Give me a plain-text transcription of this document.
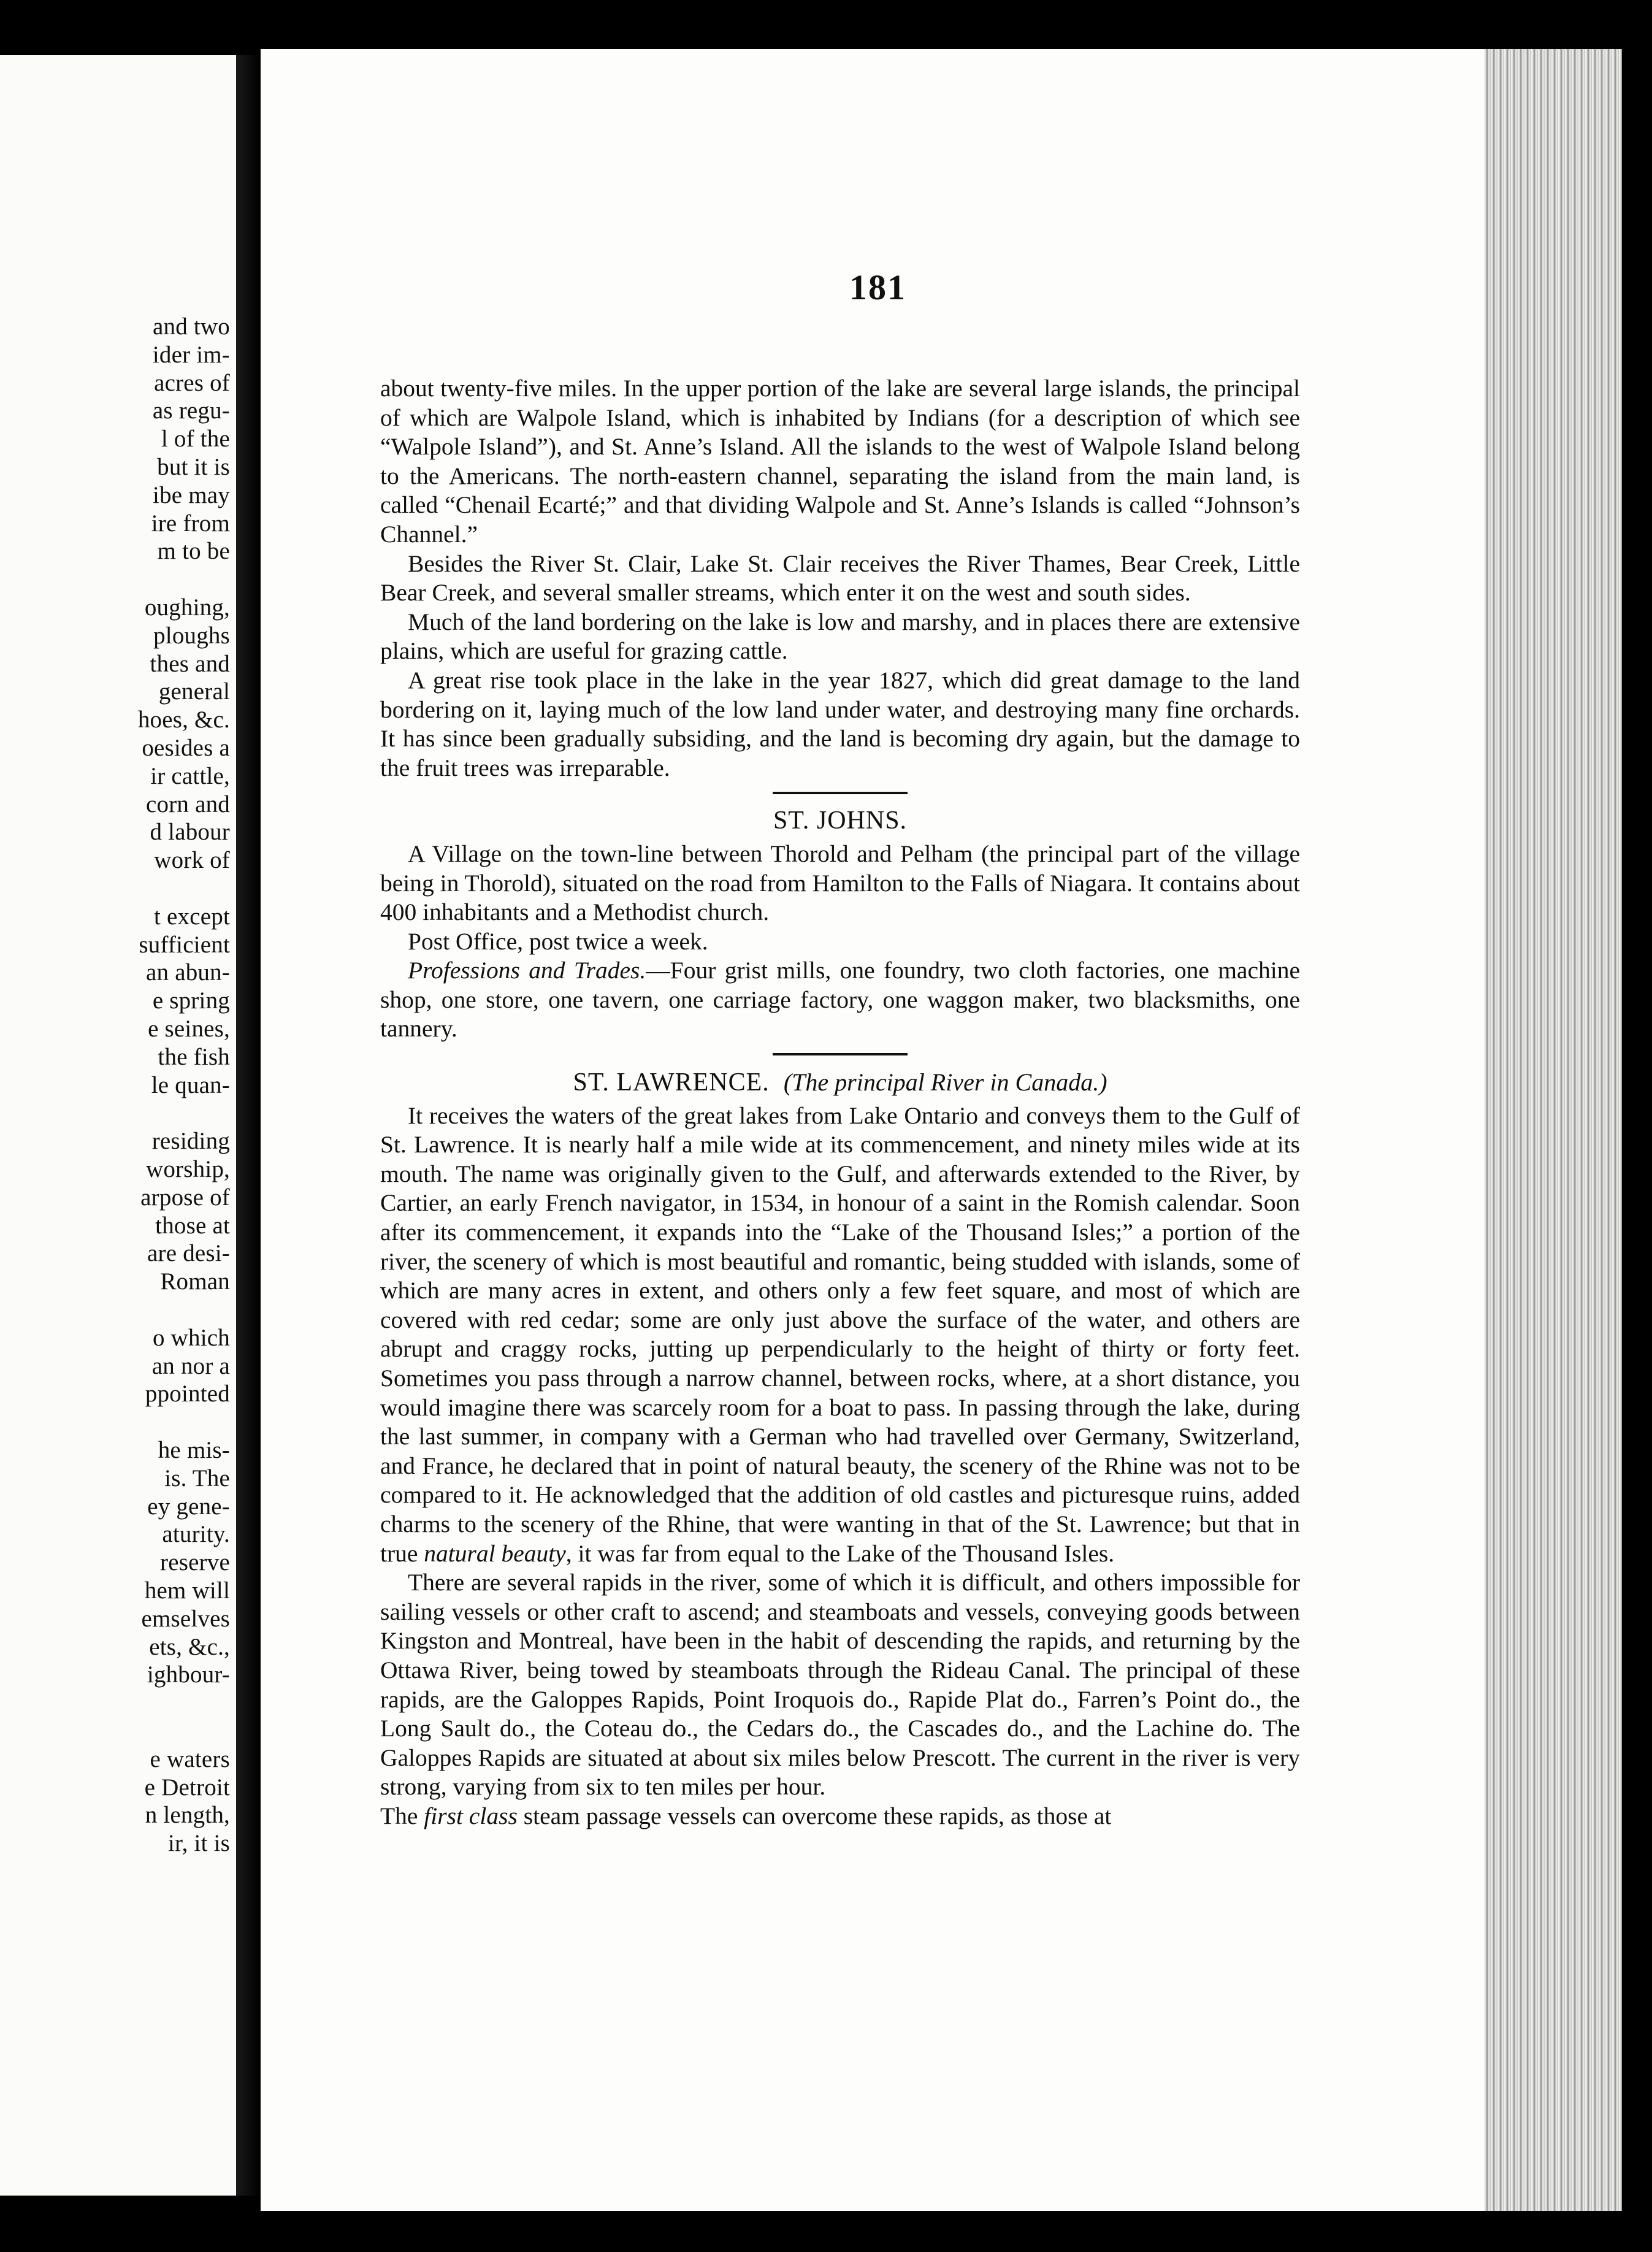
and two
ider im-
acres of
as regu-
l of the
but it is
ibe may
ire from
m to be
oughing,
ploughs
thes and
general
hoes, &c.
oesides a
ir cattle,
corn and
d labour
work of
t except
sufficient
an abun-
e spring
e seines,
the fish
le quan-
residing
worship,
arpose of
those at
are desi-
Roman
o which
an nor a
ppointed
he mis-
is. The
ey gene-
aturity.
reserve
hem will
emselves
ets, &c.,
ighbour-
e waters
e Detroit
n length,
ir, it is
181

about twenty-five miles. In the upper portion of the lake are several large islands, the principal of which are Walpole Island, which is inhabited by Indians (for a description of which see “Walpole Island”), and St. Anne’s Island. All the islands to the west of Walpole Island belong to the Americans. The north-eastern channel, separating the island from the main land, is called “Chenail Ecarté;” and that dividing Walpole and St. Anne’s Islands is called “Johnson’s Channel.”

Besides the River St. Clair, Lake St. Clair receives the River Thames, Bear Creek, Little Bear Creek, and several smaller streams, which enter it on the west and south sides.

Much of the land bordering on the lake is low and marshy, and in places there are extensive plains, which are useful for grazing cattle.

A great rise took place in the lake in the year 1827, which did great damage to the land bordering on it, laying much of the low land under water, and destroying many fine orchards. It has since been gradually subsiding, and the land is becoming dry again, but the damage to the fruit trees was irreparable.

ST. JOHNS.

A Village on the town-line between Thorold and Pelham (the principal part of the village being in Thorold), situated on the road from Hamilton to the Falls of Niagara. It contains about 400 inhabitants and a Methodist church.

Post Office, post twice a week.

Professions and Trades.—Four grist mills, one foundry, two cloth factories, one machine shop, one store, one tavern, one carriage factory, one waggon maker, two blacksmiths, one tannery.

ST. LAWRENCE. (The principal River in Canada.)

It receives the waters of the great lakes from Lake Ontario and conveys them to the Gulf of St. Lawrence. It is nearly half a mile wide at its commencement, and ninety miles wide at its mouth. The name was originally given to the Gulf, and afterwards extended to the River, by Cartier, an early French navigator, in 1534, in honour of a saint in the Romish calendar. Soon after its commencement, it expands into the “Lake of the Thousand Isles;” a portion of the river, the scenery of which is most beautiful and romantic, being studded with islands, some of which are many acres in extent, and others only a few feet square, and most of which are covered with red cedar; some are only just above the surface of the water, and others are abrupt and craggy rocks, jutting up perpendicularly to the height of thirty or forty feet. Sometimes you pass through a narrow channel, between rocks, where, at a short distance, you would imagine there was scarcely room for a boat to pass. In passing through the lake, during the last summer, in company with a German who had travelled over Germany, Switzerland, and France, he declared that in point of natural beauty, the scenery of the Rhine was not to be compared to it. He acknowledged that the addition of old castles and picturesque ruins, added charms to the scenery of the Rhine, that were wanting in that of the St. Lawrence; but that in true natural beauty, it was far from equal to the Lake of the Thousand Isles.

There are several rapids in the river, some of which it is difficult, and others impossible for sailing vessels or other craft to ascend; and steamboats and vessels, conveying goods between Kingston and Montreal, have been in the habit of descending the rapids, and returning by the Ottawa River, being towed by steamboats through the Rideau Canal. The principal of these rapids, are the Galoppes Rapids, Point Iroquois do., Rapide Plat do., Farren’s Point do., the Long Sault do., the Coteau do., the Cedars do., the Cascades do., and the Lachine do. The Galoppes Rapids are situated at about six miles below Prescott. The current in the river is very strong, varying from six to ten miles per hour.

The first class steam passage vessels can overcome these rapids, as those at
